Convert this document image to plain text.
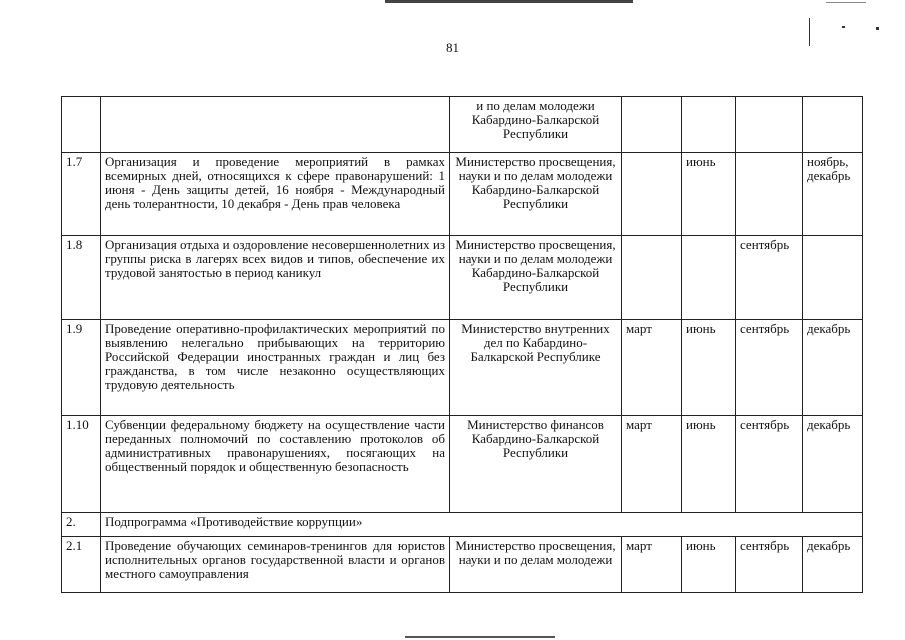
81
		и по делам молодежи Кабардино-Балкарской Республики				
1.7	Организация и проведение мероприятий в рамках всемирных дней, относящихся к сфере правонарушений: 1 июня - День защиты детей, 16 ноября - Международный день толерантности, 10 декабря - День прав человека	Министерство просвещения, науки и по делам молодежи Кабардино-Балкарской Республики		июнь		ноябрь, декабрь
1.8	Организация отдыха и оздоровление несовершеннолетних из группы риска в лагерях всех видов и типов, обеспечение их трудовой занятостью в период каникул	Министерство просвещения, науки и по делам молодежи Кабардино-Балкарской Республики			сентябрь	
1.9	Проведение оперативно-профилактических мероприятий по выявлению нелегально прибывающих на территорию Российской Федерации иностранных граждан и лиц без гражданства, в том числе незаконно осуществляющих трудовую деятельность	Министерство внутренних дел по Кабардино-Балкарской Республике	март	июнь	сентябрь	декабрь
1.10	Субвенции федеральному бюджету на осуществление части переданных полномочий по составлению протоколов об административных правонарушениях, посягающих на общественный порядок и общественную безопасность	Министерство финансов Кабардино-Балкарской Республики	март	июнь	сентябрь	декабрь
2.	Подпрограмма «Противодействие коррупции»					
2.1	Проведение обучающих семинаров-тренингов для юристов исполнительных органов государственной власти и органов местного самоуправления	Министерство просвещения, науки и по делам молодежи	март	июнь	сентябрь	декабрь
